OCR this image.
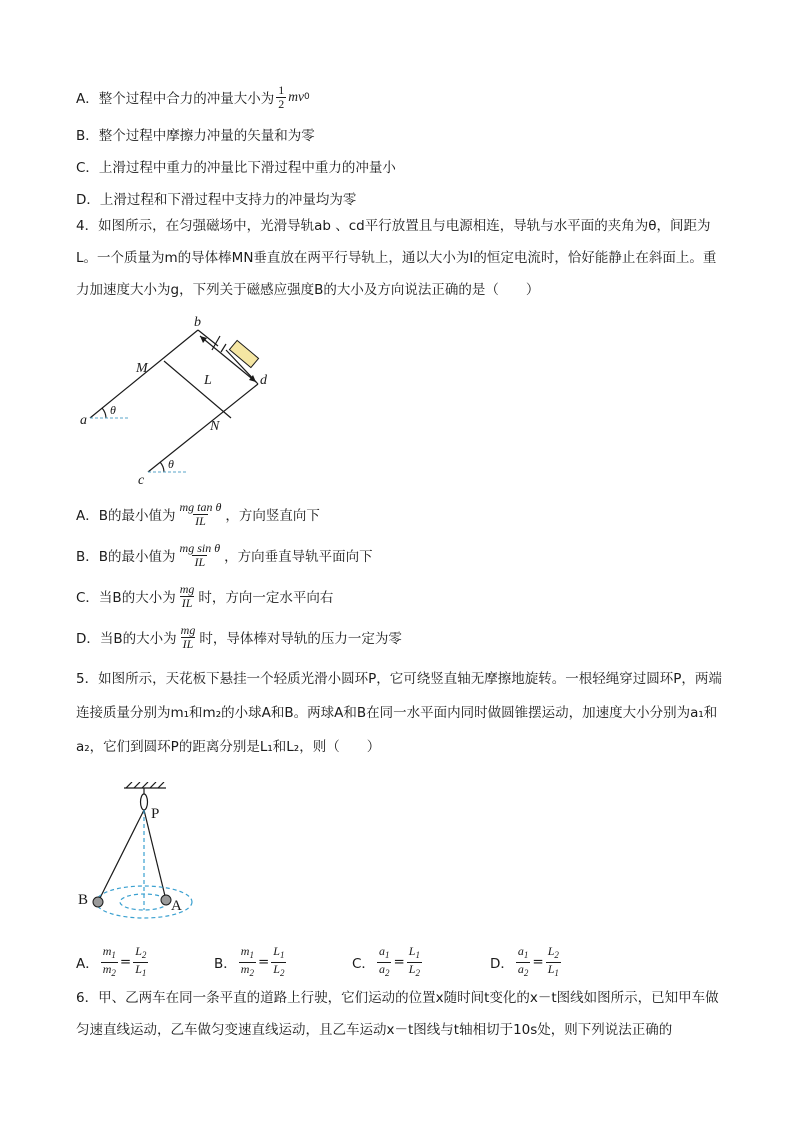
A．整个过程中合力的冲量大小为 $\frac{1}{2}$ mv 0
B．整个过程中摩擦力冲量的矢量和为零
C．上滑过程中重力的冲量比下滑过程中重力的冲量小
D．上滑过程和下滑过程中支持力的冲量均为零
4．如图所示，在匀强磁场中，光滑导轨ab 、cd平行放置且与电源相连，导轨与水平面的夹角为θ，间距为L。一个质量为m的导体棒MN垂直放在两平行导轨上，通以大小为I的恒定电流时，恰好能静止在斜面上。重力加速度大小为g，下列关于磁感应强度B的大小及方向说法正确的是（　　）
b
M
L	d
a
θ
N
c
θ
A．B的最小值为 $\frac{\text{mg tan θ}}{IL}$ ，方向竖直向下
B．B的最小值为 $\frac{\text{mg sin θ}}{IL}$ ，方向垂直导轨平面向下
C．当B的大小为 $\frac{mg}{IL}$ 时，方向一定水平向右
D．当B的大小为 $\frac{mg}{IL}$ 时，导体棒对导轨的压力一定为零
5．如图所示，天花板下悬挂一个轻质光滑小圆环P，它可绕竖直轴无摩擦地旋转。一根轻绳穿过圆环P，两端连接质量分别为m₁和m₂的小球A和B。两球A和B在同一水平面内同时做圆锥摆运动，加速度大小分别为a₁和a₂，它们到圆环P的距离分别是L₁和L₂，则（　　）
P
B	A
A． $\frac{m_1}{m_2} = \frac{L_2}{L_1}$	B． $\frac{m_1}{m_2} = \frac{L_1}{L_2}$	C． $\frac{a_1}{a_2} = \frac{L_1}{L_2}$	D． $\frac{a_1}{a_2} = \frac{L_2}{L_1}$
6．甲、乙两车在同一条平直的道路上行驶，它们运动的位置x随时间t变化的x－t图线如图所示，已知甲车做匀速直线运动，乙车做匀变速直线运动，且乙车运动x－t图线与t轴相切于10s处，则下列说法正确的
